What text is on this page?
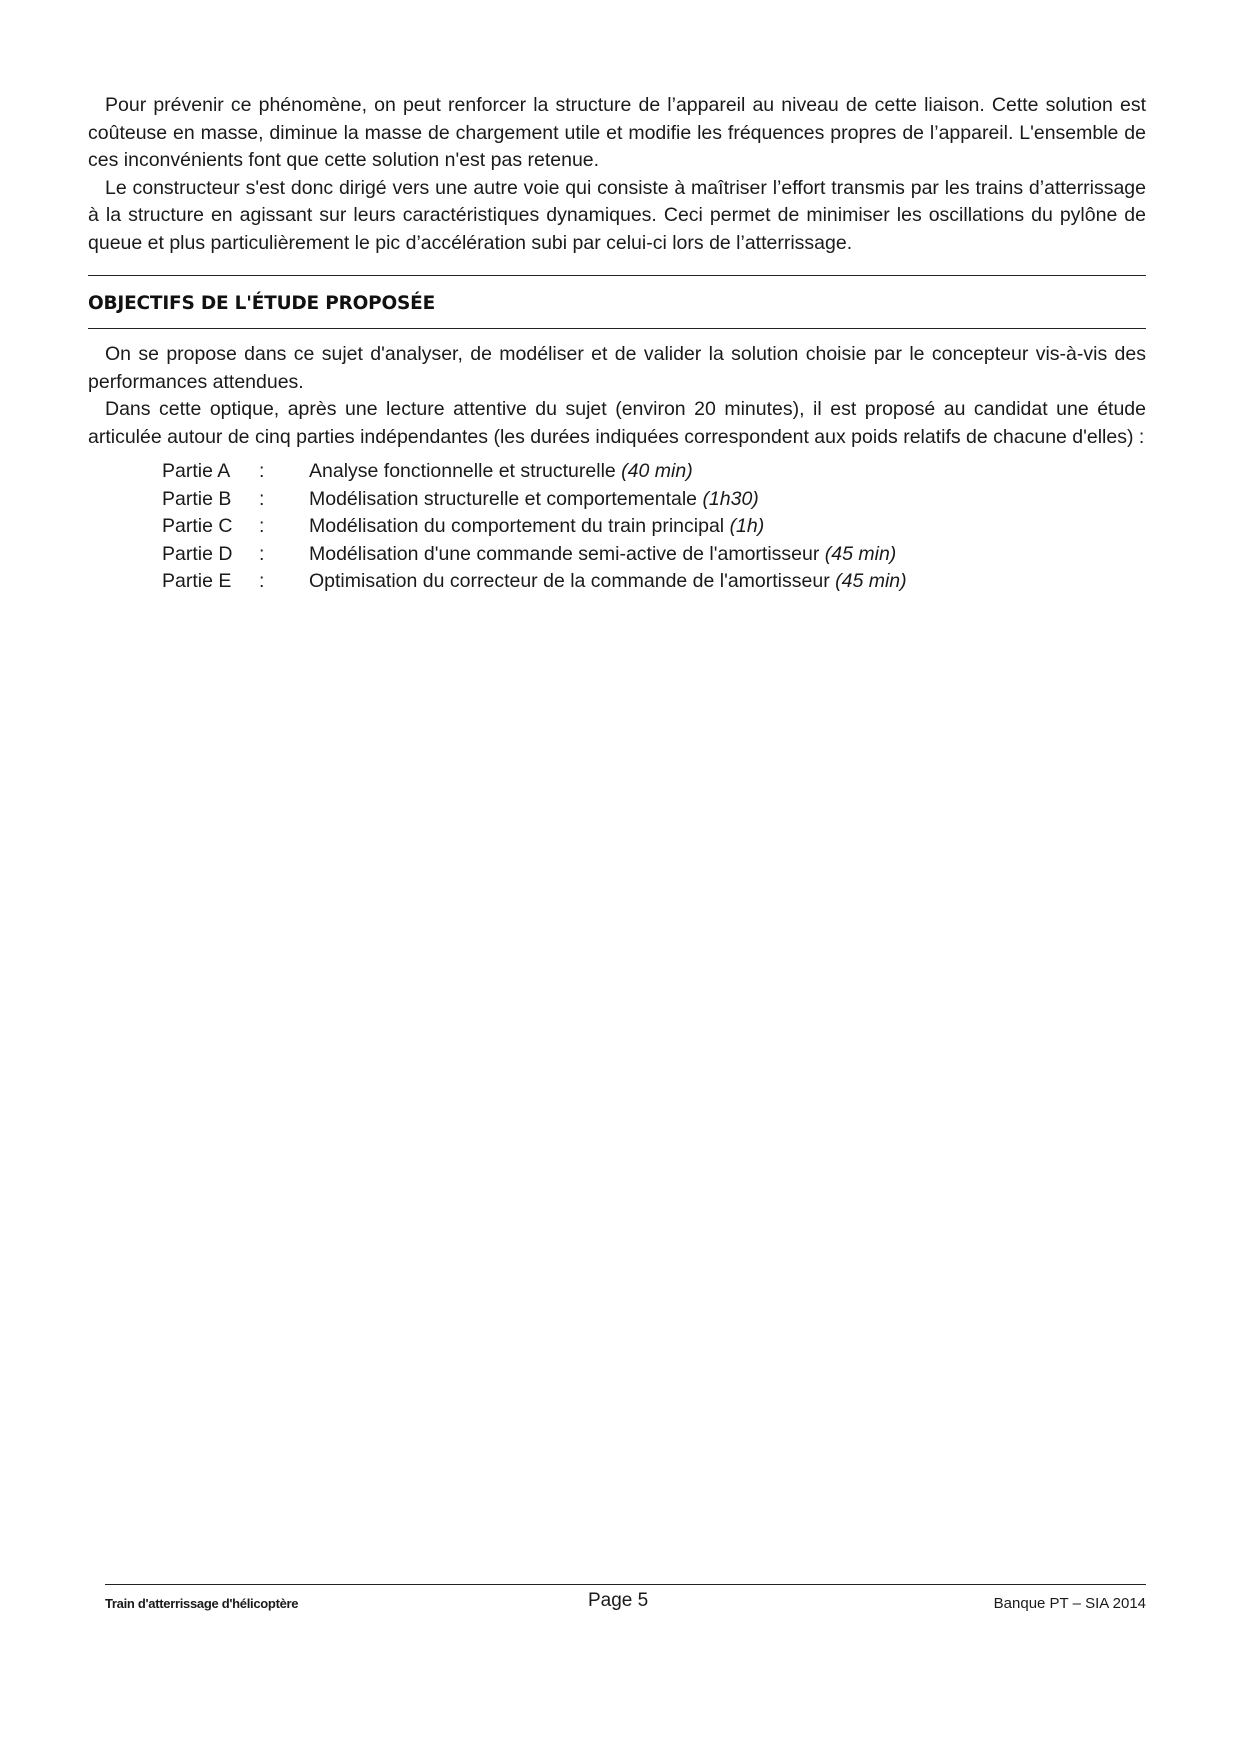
Pour prévenir ce phénomène, on peut renforcer la structure de l’appareil au niveau de cette liaison. Cette solution est coûteuse en masse, diminue la masse de chargement utile et modifie les fréquences propres de l’appareil. L'ensemble de ces inconvénients font que cette solution n'est pas retenue.

Le constructeur s'est donc dirigé vers une autre voie qui consiste à maîtriser l’effort transmis par les trains d’atterrissage à la structure en agissant sur leurs caractéristiques dynamiques. Ceci permet de minimiser les oscillations du pylône de queue et plus particulièrement le pic d’accélération subi par celui-ci lors de l’atterrissage.

OBJECTIFS DE L'ÉTUDE PROPOSÉE

On se propose dans ce sujet d'analyser, de modéliser et de valider la solution choisie par le concepteur vis-à-vis des performances attendues.

Dans cette optique, après une lecture attentive du sujet (environ 20 minutes), il est proposé au candidat une étude articulée autour de cinq parties indépendantes (les durées indiquées correspondent aux poids relatifs de chacune d'elles) :

Partie A	:	Analyse fonctionnelle et structurelle (40 min)
Partie B	:	Modélisation structurelle et comportementale (1h30)
Partie C	:	Modélisation du comportement du train principal (1h)
Partie D	:	Modélisation d'une commande semi-active de l'amortisseur (45 min)
Partie E	:	Optimisation du correcteur de la commande de l'amortisseur (45 min)
Train d'atterrissage d'hélicoptère	Page 5	Banque PT – SIA 2014
